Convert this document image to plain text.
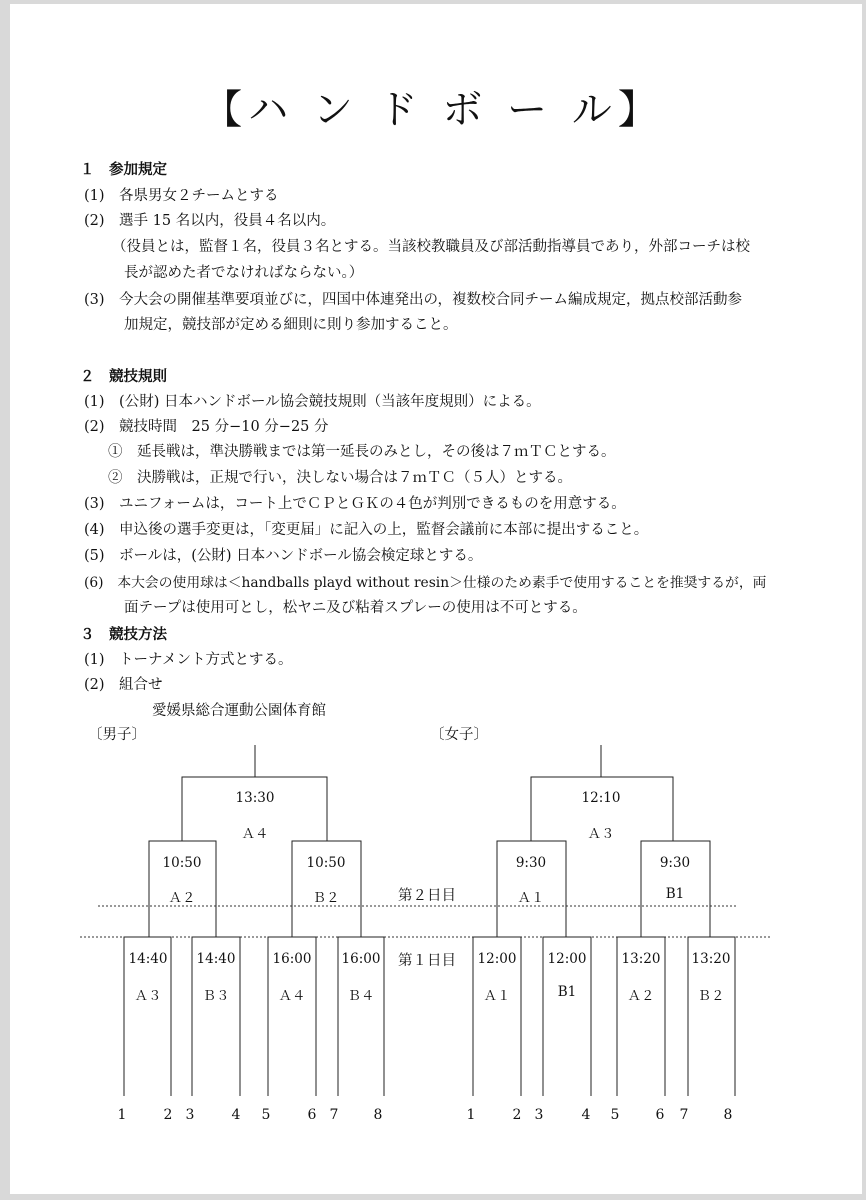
【ハ ン ド ボ ー ル】
１　参加規定
(1)　各県男女２チームとする
(2)　選手 15 名以内，役員４名以内。
（役員とは，監督１名，役員３名とする。当該校教職員及び部活動指導員であり，外部コーチは校
長が認めた者でなければならない。）
(3)　今大会の開催基準要項並びに，四国中体連発出の，複数校合同チーム編成規定，拠点校部活動参
加規定，競技部が定める細則に則り参加すること。
２　競技規則
(1)　(公財) 日本ハンドボール協会競技規則（当該年度規則）による。
(2)　競技時間　25 分−10 分−25 分
①　延長戦は，準決勝戦までは第一延長のみとし，その後は７ｍＴＣとする。
②　決勝戦は，正規で行い，決しない場合は７ｍＴＣ（５人）とする。
(3)　ユニフォームは，コート上でＣＰとＧＫの４色が判別できるものを用意する。
(4)　申込後の選手変更は，「変更届」に記入の上，監督会議前に本部に提出すること。
(5)　ボールは，(公財) 日本ハンドボール協会検定球とする。
(6)　本大会の使用球は＜handballs playd without resin＞仕様のため素手で使用することを推奨するが，両
面テープは使用可とし，松ヤニ及び粘着スプレーの使用は不可とする。
３　競技方法
(1)　トーナメント方式とする。
(2)　組合せ
愛媛県総合運動公園体育館
〔男子〕	〔女子〕
第２日目
第１日目
13:30
Ａ４
10:50
Ａ２
10:50
Ｂ２
14:40
Ａ３
14:40
Ｂ３
16:00
Ａ４
16:00
Ｂ４
12:10
Ａ３
9:30
Ａ１
9:30
B1
12:00
Ａ１
12:00
B1
13:20
Ａ２
13:20
Ｂ２
1	2 3	4	5	6 7	8	1	2 3	4	5	6	7	8
